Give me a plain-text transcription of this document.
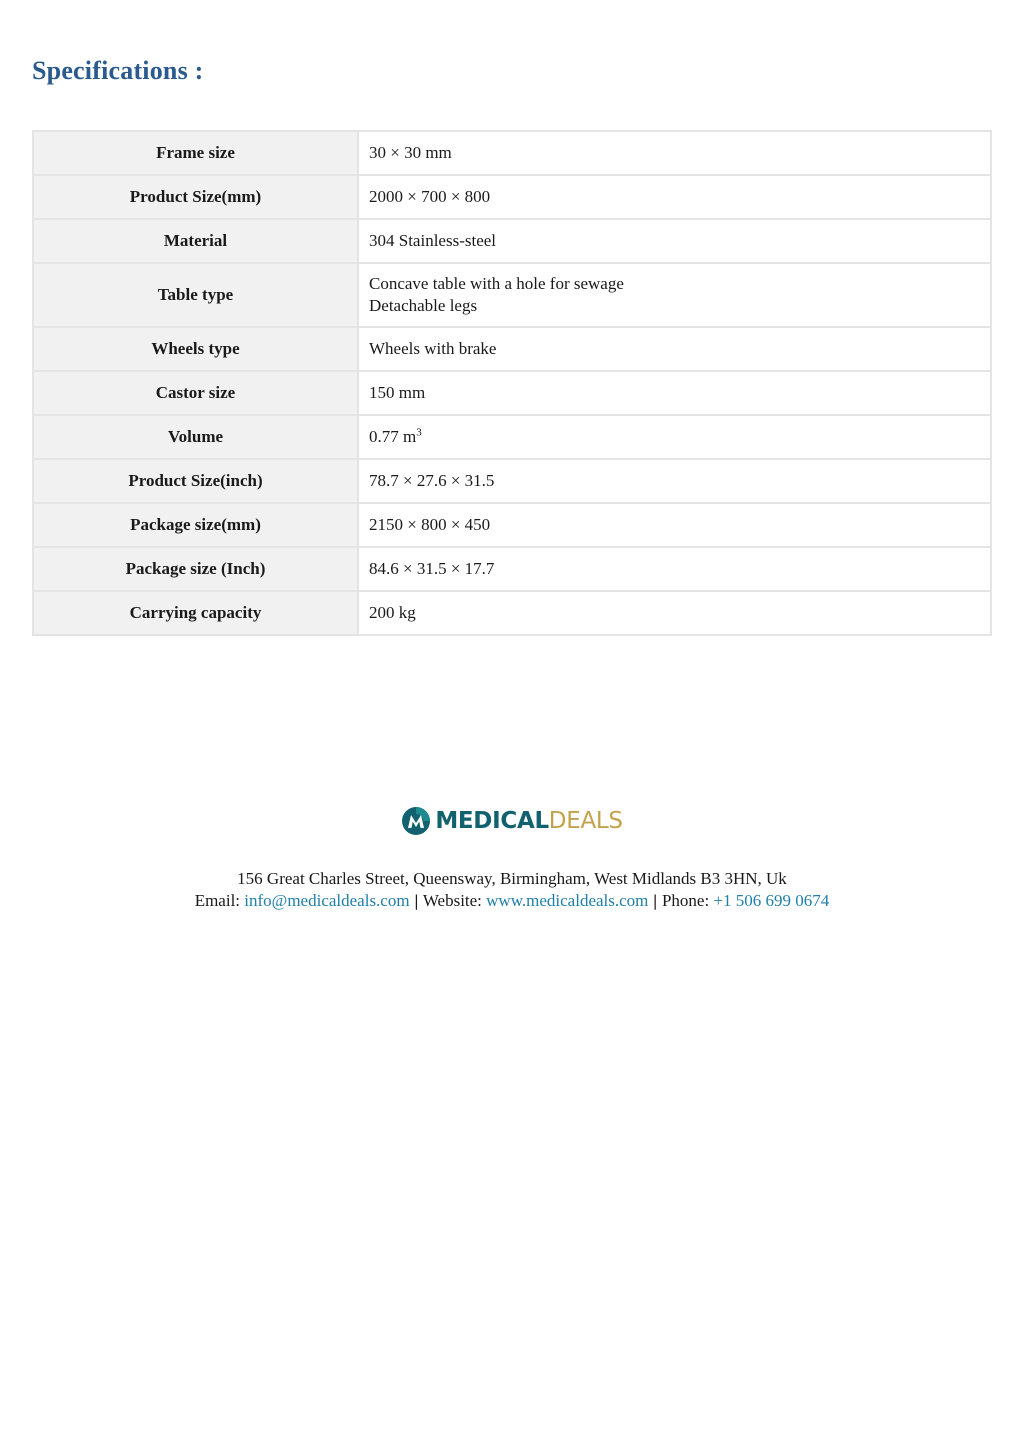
Specifications :
Frame size	30 × 30 mm

Product Size(mm)	2000 × 700 × 800

Material	304 Stainless-steel

Table type	Concave table with a hole for sewage
Detachable legs

Wheels type	Wheels with brake

Castor size	150 mm

Volume	0.77 $m^3$
Product Size(inch)	78.7 × 27.6 × 31.5

Package size(mm)	2150 × 800 × 450

Package size (Inch)	84.6 × 31.5 × 17.7

Carrying capacity	200 kg
MEDICALDEALS
156 Great Charles Street, Queensway, Birmingham, West Midlands B3 3HN, Uk
Email: info@medicaldeals.com | Website: www.medicaldeals.com | Phone: +1 506 699 0674
